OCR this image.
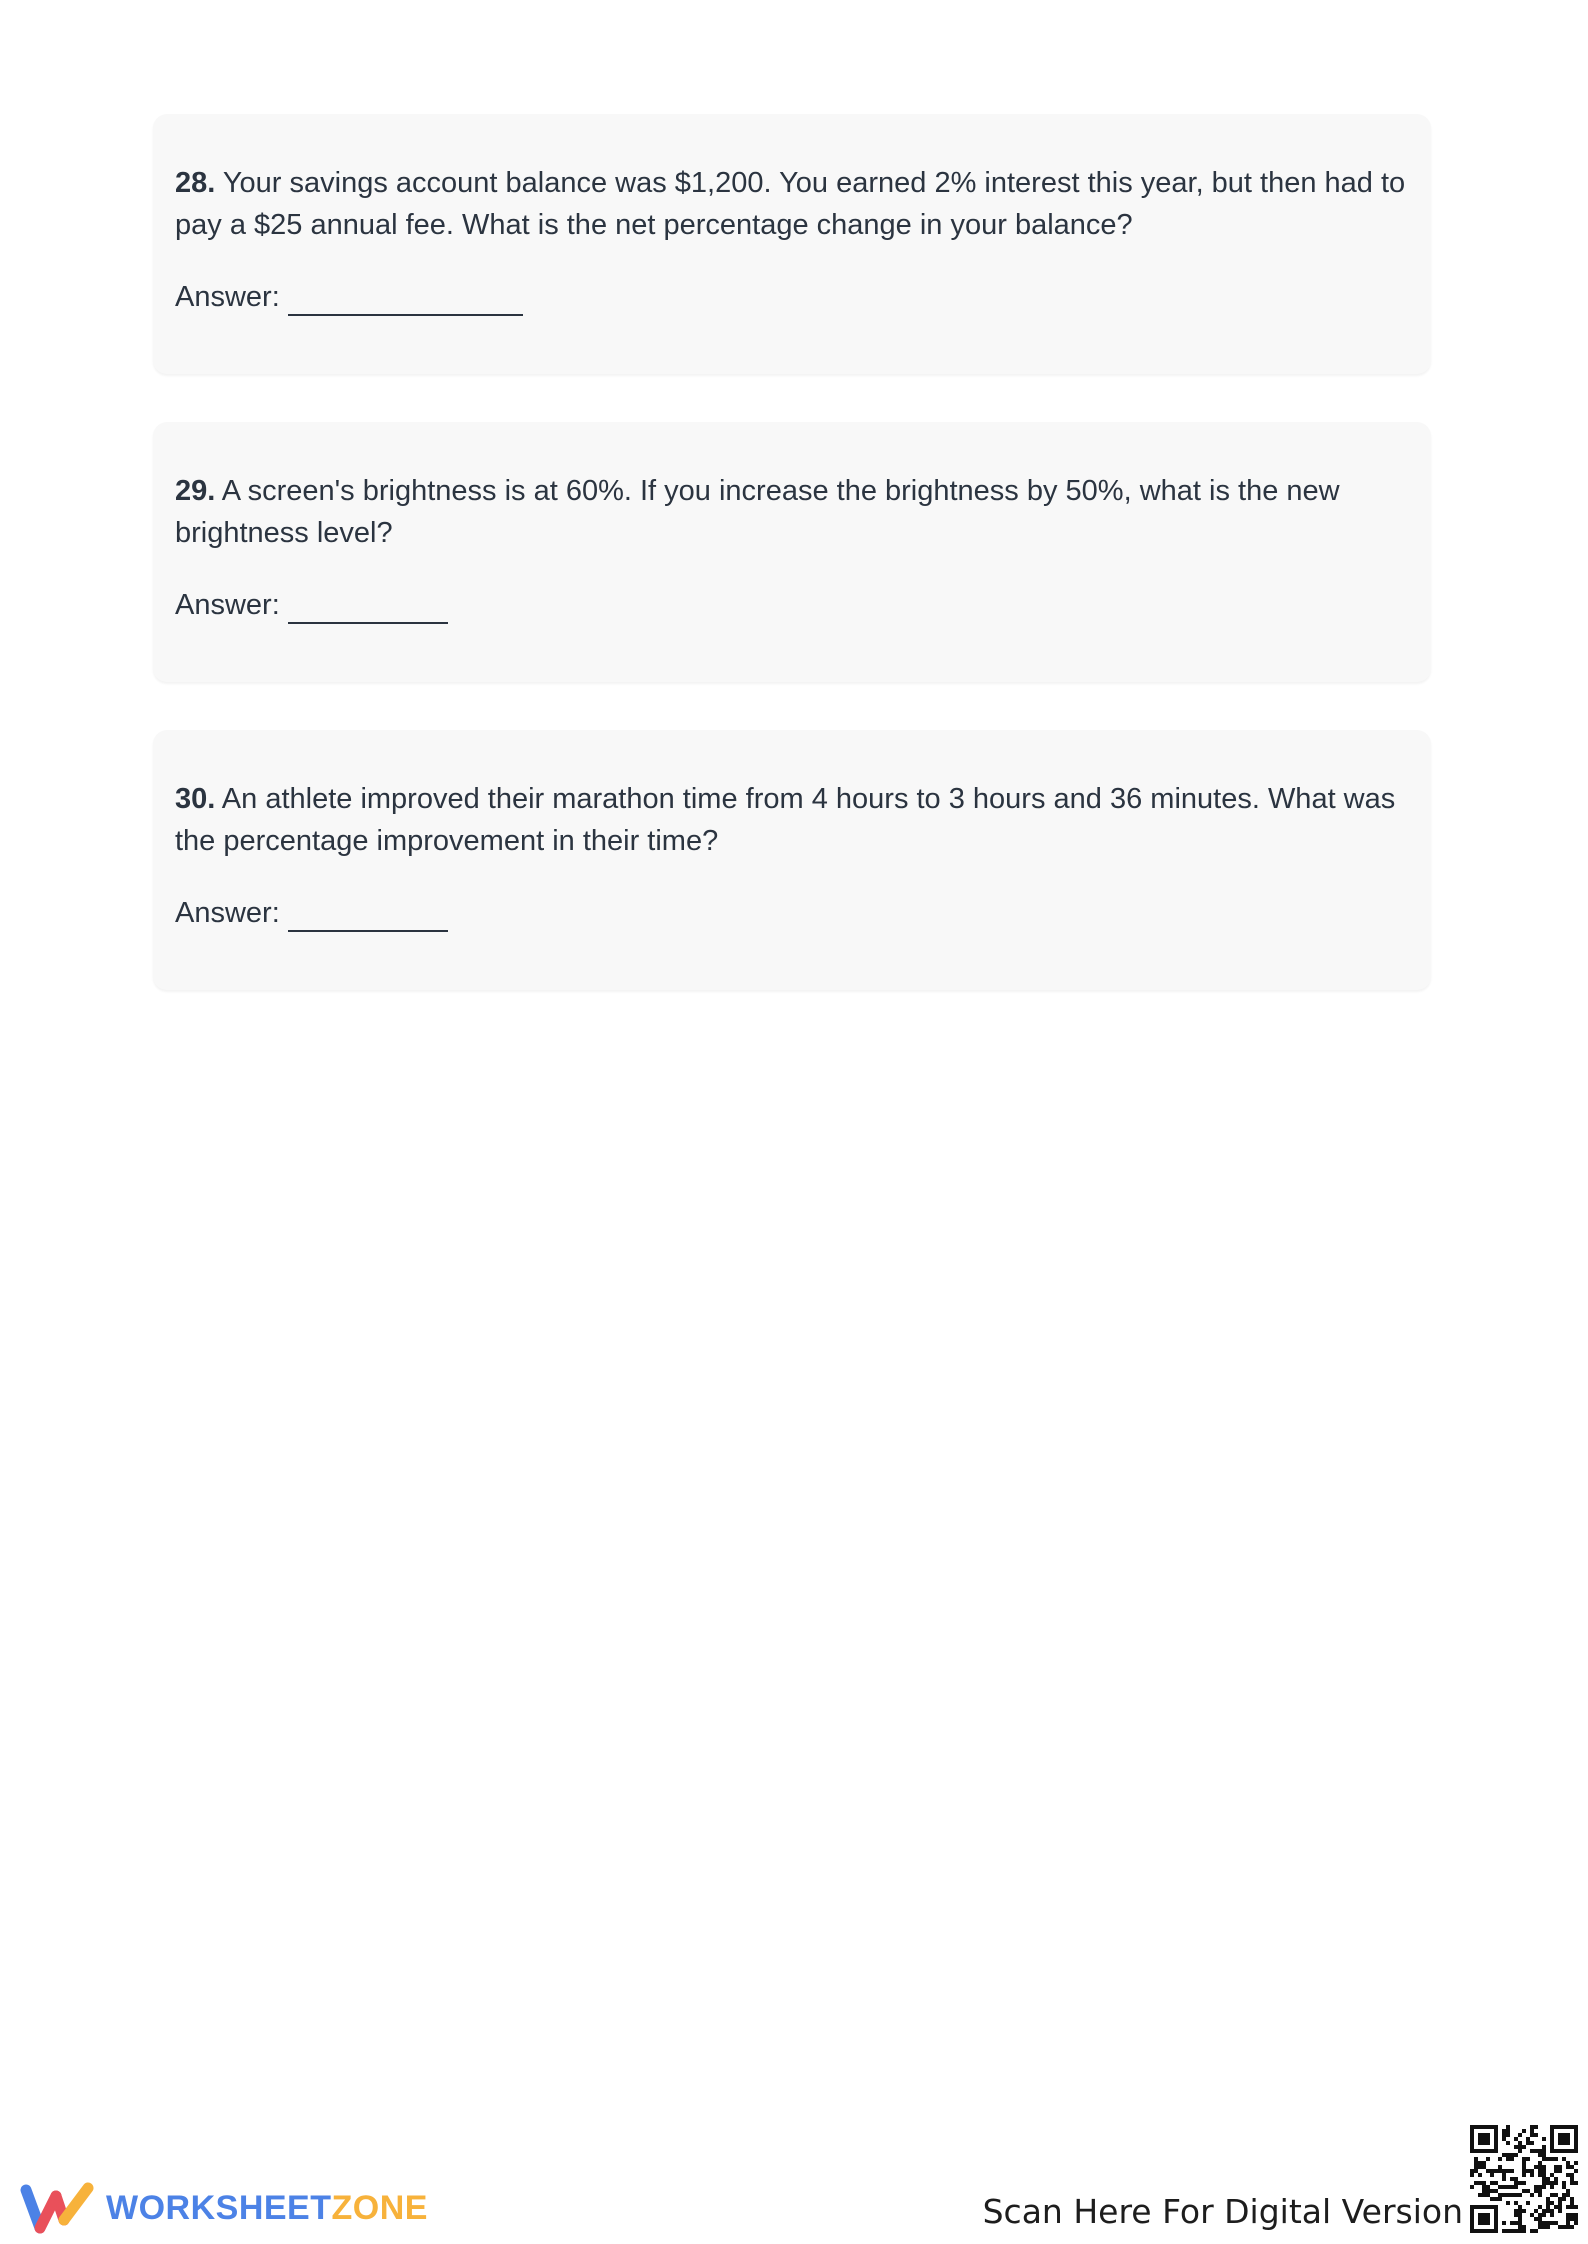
28. Your savings account balance was $1,200. You earned 2% interest this year, but then had to pay a $25 annual fee. What is the net percentage change in your balance?

Answer:

29. A screen's brightness is at 60%. If you increase the brightness by 50%, what is the new brightness level?

Answer:

30. An athlete improved their marathon time from 4 hours to 3 hours and 36 minutes. What was the percentage improvement in their time?

Answer:
WORKSHEETZONE	Scan Here For Digital Version
